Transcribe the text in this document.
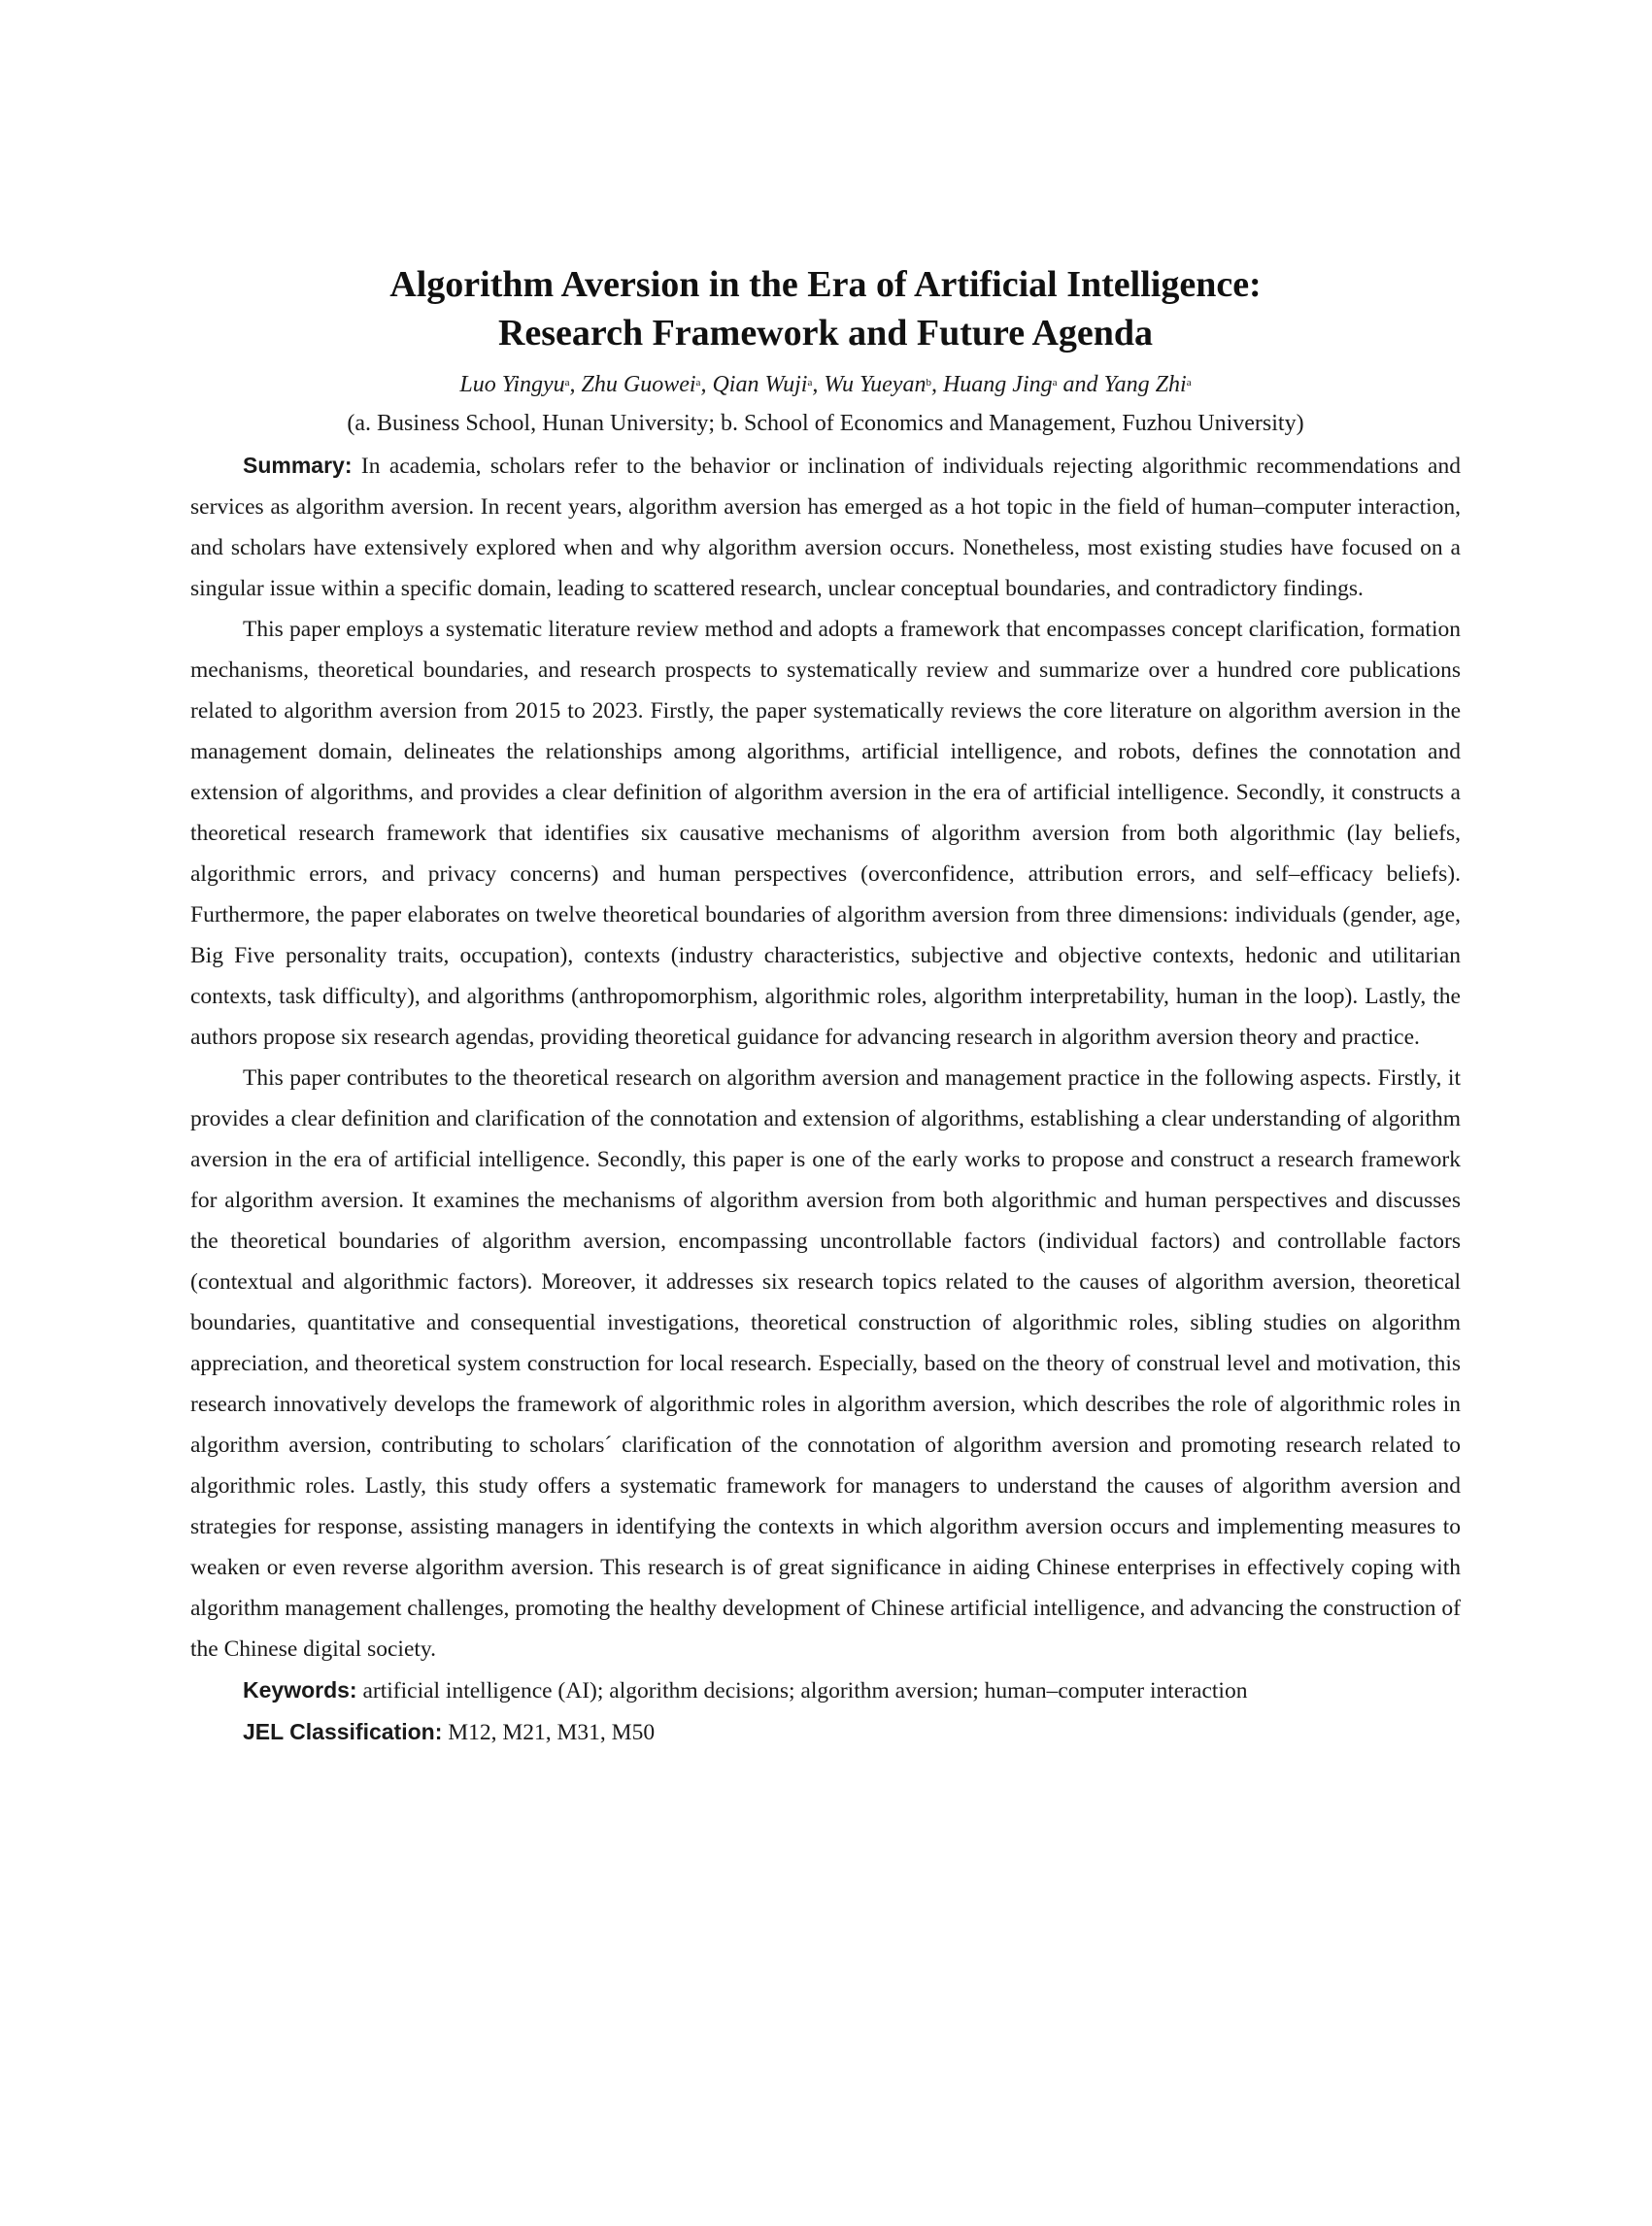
Algorithm Aversion in the Era of Artificial Intelligence:
Research Framework and Future Agenda
Luo Yingyu$^a$, Zhu Guowei$^a$, Qian Wuji$^a$, Wu Yueyan$^b$, Huang Jing$^a$ and Yang Zhi$^a$
(a. Business School, Hunan University; b. School of Economics and Management, Fuzhou University)

Summary: In academia, scholars refer to the behavior or inclination of individuals rejecting algorithmic recommendations and services as algorithm aversion. In recent years, algorithm aversion has emerged as a hot topic in the field of human–computer interaction, and scholars have extensively explored when and why algorithm aversion occurs. Nonetheless, most existing studies have focused on a singular issue within a specific domain, leading to scattered research, unclear conceptual boundaries, and contradictory findings.

This paper employs a systematic literature review method and adopts a framework that encompasses concept clarification, formation mechanisms, theoretical boundaries, and research prospects to systematically review and summarize over a hundred core publications related to algorithm aversion from 2015 to 2023. Firstly, the paper systematically reviews the core literature on algorithm aversion in the management domain, delineates the relationships among algorithms, artificial intelligence, and robots, defines the connotation and extension of algorithms, and provides a clear definition of algorithm aversion in the era of artificial intelligence. Secondly, it constructs a theoretical research framework that identifies six causative mechanisms of algorithm aversion from both algorithmic (lay beliefs, algorithmic errors, and privacy concerns) and human perspectives (overconfidence, attribution errors, and self–efficacy beliefs). Furthermore, the paper elaborates on twelve theoretical boundaries of algorithm aversion from three dimensions: individuals (gender, age, Big Five personality traits, occupation), contexts (industry characteristics, subjective and objective contexts, hedonic and utilitarian contexts, task difficulty), and algorithms (anthropomorphism, algorithmic roles, algorithm interpretability, human in the loop). Lastly, the authors propose six research agendas, providing theoretical guidance for advancing research in algorithm aversion theory and practice.

This paper contributes to the theoretical research on algorithm aversion and management practice in the following aspects. Firstly, it provides a clear definition and clarification of the connotation and extension of algorithms, establishing a clear understanding of algorithm aversion in the era of artificial intelligence. Secondly, this paper is one of the early works to propose and construct a research framework for algorithm aversion. It examines the mechanisms of algorithm aversion from both algorithmic and human perspectives and discusses the theoretical boundaries of algorithm aversion, encompassing uncontrollable factors (individual factors) and controllable factors (contextual and algorithmic factors). Moreover, it addresses six research topics related to the causes of algorithm aversion, theoretical boundaries, quantitative and consequential investigations, theoretical construction of algorithmic roles, sibling studies on algorithm appreciation, and theoretical system construction for local research. Especially, based on the theory of construal level and motivation, this research innovatively develops the framework of algorithmic roles in algorithm aversion, which describes the role of algorithmic roles in algorithm aversion, contributing to scholars´ clarification of the connotation of algorithm aversion and promoting research related to algorithmic roles. Lastly, this study offers a systematic framework for managers to understand the causes of algorithm aversion and strategies for response, assisting managers in identifying the contexts in which algorithm aversion occurs and implementing measures to weaken or even reverse algorithm aversion. This research is of great significance in aiding Chinese enterprises in effectively coping with algorithm management challenges, promoting the healthy development of Chinese artificial intelligence, and advancing the construction of the Chinese digital society.

Keywords: artificial intelligence (AI); algorithm decisions; algorithm aversion; human–computer interaction

JEL Classification: M12, M21, M31, M50
